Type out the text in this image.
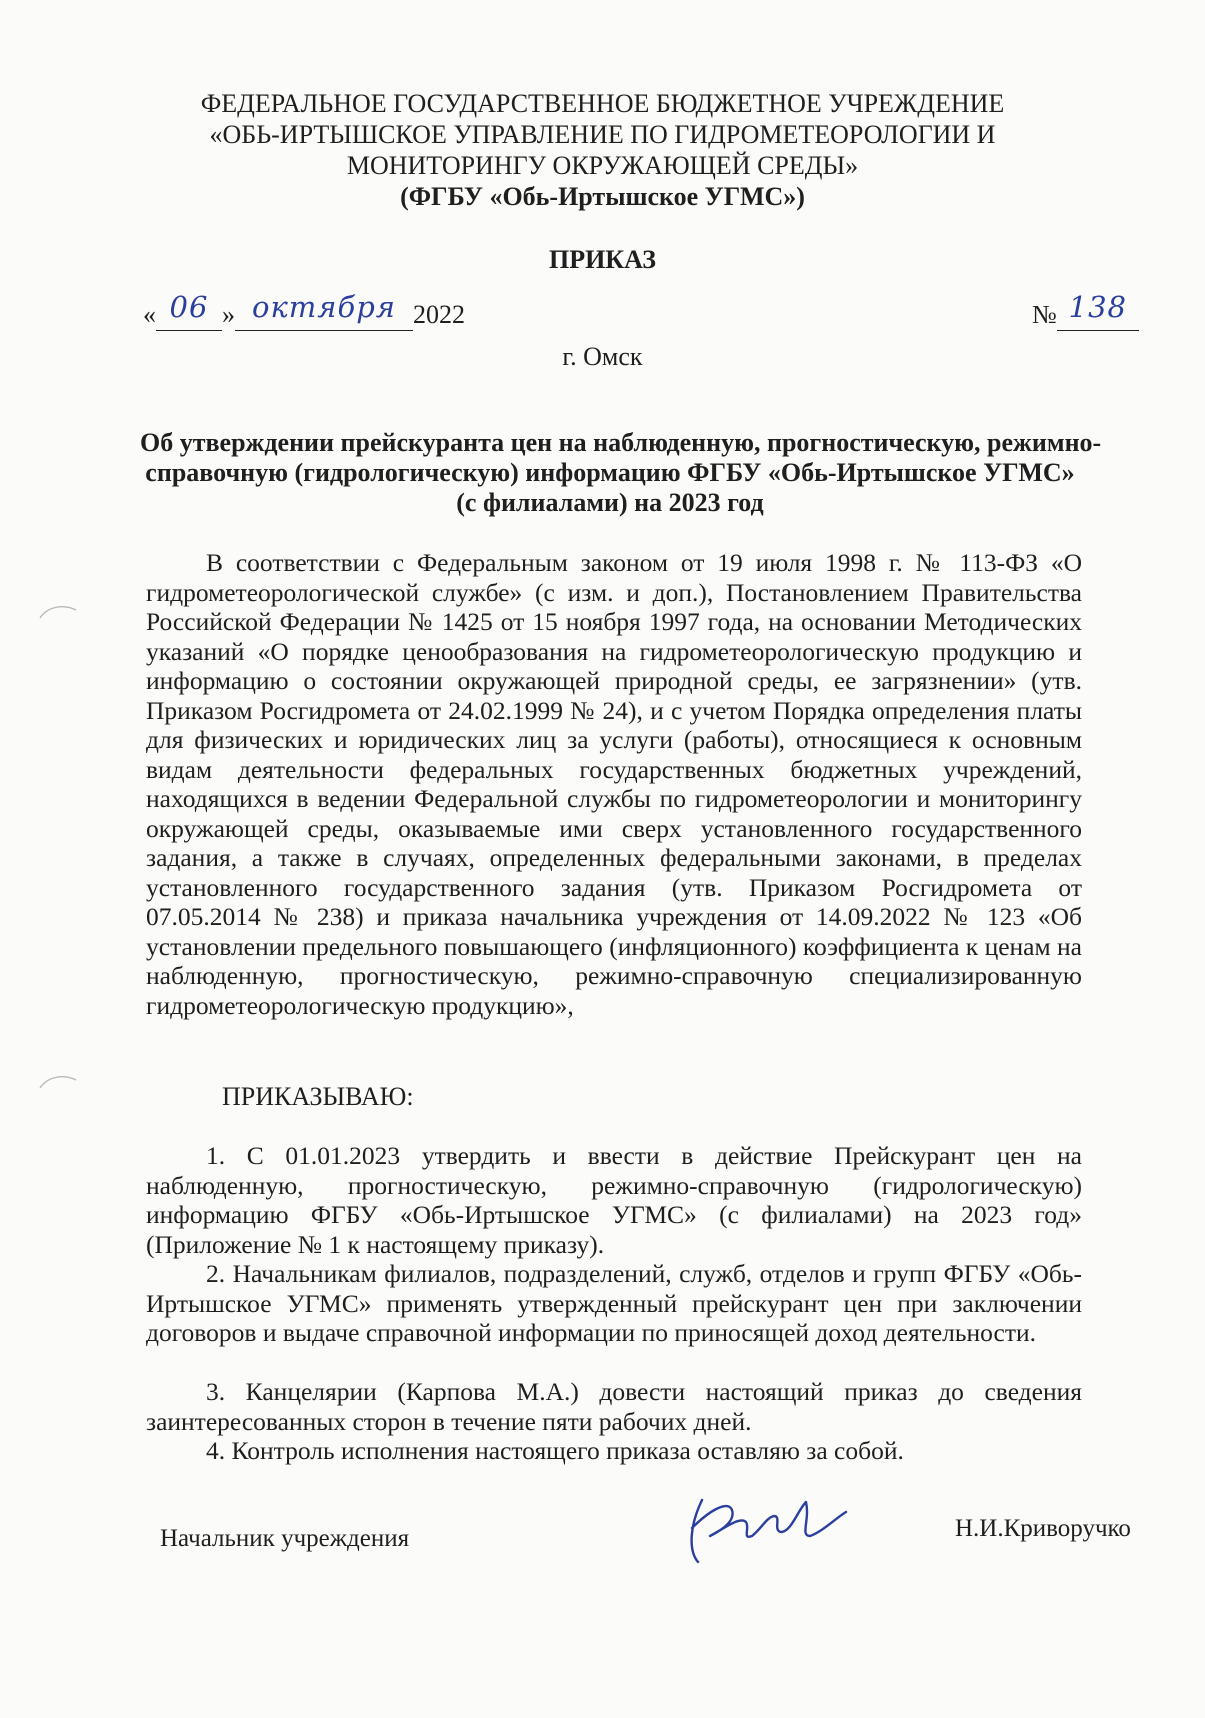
ФЕДЕРАЛЬНОЕ ГОСУДАРСТВЕННОЕ БЮДЖЕТНОЕ УЧРЕЖДЕНИЕ
«ОБЬ-ИРТЫШСКОЕ УПРАВЛЕНИЕ ПО ГИДРОМЕТЕОРОЛОГИИ И
МОНИТОРИНГУ ОКРУЖАЮЩЕЙ СРЕДЫ»
(ФГБУ «Обь-Иртышское УГМС»)
ПРИКАЗ
« 06 » октября 2022	№ 138
г. Омск
Об утверждении прейскуранта цен на наблюденную, прогностическую, режимно-
справочную (гидрологическую) информацию ФГБУ «Обь-Иртышское УГМС»
(с филиалами) на 2023 год
В соответствии с Федеральным законом от 19 июля 1998 г. № 113-ФЗ «О гидрометеорологической службе» (с изм. и доп.), Постановлением Правительства Российской Федерации № 1425 от 15 ноября 1997 года, на основании Методических указаний «О порядке ценообразования на гидрометеорологическую продукцию и информацию о состоянии окружающей природной среды, ее загрязнении» (утв. Приказом Росгидромета от 24.02.1999 № 24), и с учетом Порядка определения платы для физических и юридических лиц за услуги (работы), относящиеся к основным видам деятельности федеральных государственных бюджетных учреждений, находящихся в ведении Федеральной службы по гидрометеорологии и мониторингу окружающей среды, оказываемые ими сверх установленного государственного задания, а также в случаях, определенных федеральными законами, в пределах установленного государственного задания (утв. Приказом Росгидромета от 07.05.2014 № 238) и приказа начальника учреждения от 14.09.2022 № 123 «Об установлении предельного повышающего (инфляционного) коэффициента к ценам на наблюденную, прогностическую, режимно-справочную специализированную гидрометеорологическую продукцию»,
ПРИКАЗЫВАЮ:
1. С 01.01.2023 утвердить и ввести в действие Прейскурант цен на наблюденную, прогностическую, режимно-справочную (гидрологическую) информацию ФГБУ «Обь-Иртышское УГМС» (с филиалами) на 2023 год» (Приложение № 1 к настоящему приказу).
2. Начальникам филиалов, подразделений, служб, отделов и групп ФГБУ «Обь-Иртышское УГМС» применять утвержденный прейскурант цен при заключении договоров и выдаче справочной информации по приносящей доход деятельности.
3. Канцелярии (Карпова М.А.) довести настоящий приказ до сведения заинтересованных сторон в течение пяти рабочих дней.
4. Контроль исполнения настоящего приказа оставляю за собой.
Начальник учреждения	Н.И.Криворучко
